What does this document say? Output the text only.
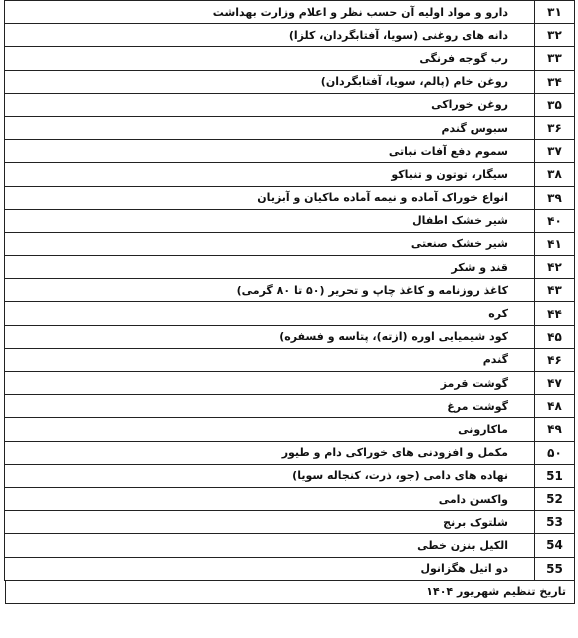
۳۱	دارو و مواد اولیه آن حسب نظر و اعلام وزارت بهداشت
۳۲	دانه های روغنی (سویا، آفتابگردان، کلزا)
۳۳	رب گوجه فرنگی
۳۴	روغن خام (پالم، سویا، آفتابگردان)
۳۵	روغن خوراکی
۳۶	سبوس گندم
۳۷	سموم دفع آفات نباتی
۳۸	سیگار، توتون و تنباکو
۳۹	انواع خوراک آماده و نیمه آماده ماکیان و آبزیان
۴۰	شیر خشک اطفال
۴۱	شیر خشک صنعتی
۴۲	قند و شکر
۴۳	کاغذ روزنامه و کاغذ چاپ و تحریر (۵۰ تا ۸۰ گرمی)
۴۴	کره
۴۵	کود شیمیایی اوره (ازته)، پتاسه و فسفره)
۴۶	گندم
۴۷	گوشت قرمز
۴۸	گوشت مرغ
۴۹	ماکارونی
۵۰	مکمل و افزودنی های خوراکی دام و طیور
51	نهاده های دامی (جو، ذرت، کنجاله سویا)
52	واکسن دامی
53	شلتوک برنج
54	الکیل بنزن خطی
55	دو اتیل هگزانول
تاریخ تنظیم شهریور ۱۴۰۴
